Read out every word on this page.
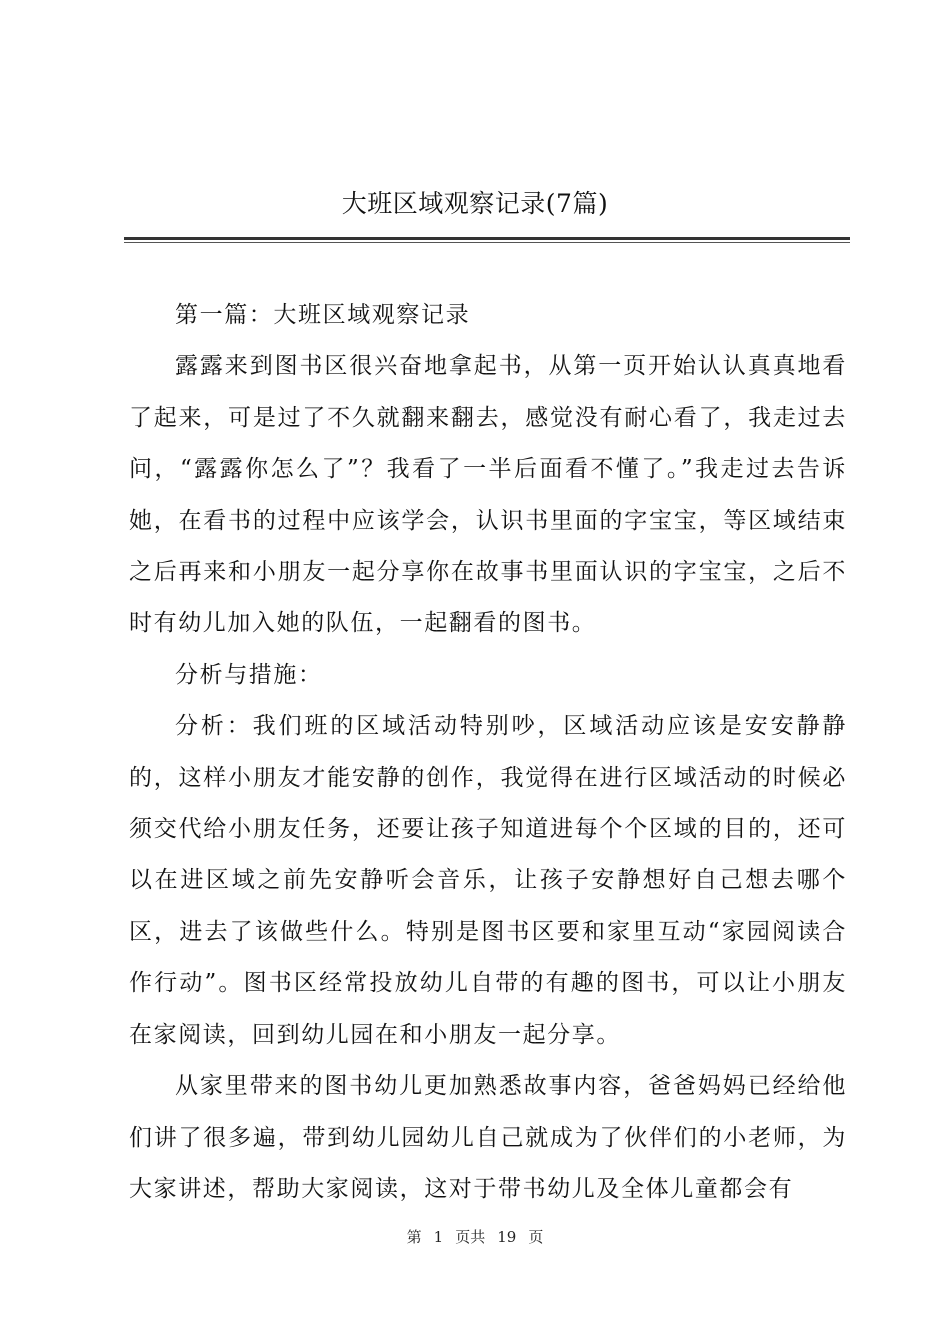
大班区域观察记录(7篇)

第一篇：大班区域观察记录

露露来到图书区很兴奋地拿起书，从第一页开始认认真真地看了起来，可是过了不久就翻来翻去，感觉没有耐心看了，我走过去问，“露露你怎么了”？我看了一半后面看不懂了。”我走过去告诉她，在看书的过程中应该学会，认识书里面的字宝宝，等区域结束之后再来和小朋友一起分享你在故事书里面认识的字宝宝，之后不时有幼儿加入她的队伍，一起翻看的图书。

分析与措施：

分析：我们班的区域活动特别吵，区域活动应该是安安静静的，这样小朋友才能安静的创作，我觉得在进行区域活动的时候必须交代给小朋友任务，还要让孩子知道进每个个区域的目的，还可以在进区域之前先安静听会音乐，让孩子安静想好自己想去哪个区，进去了该做些什么。特别是图书区要和家里互动“家园阅读合作行动”。图书区经常投放幼儿自带的有趣的图书，可以让小朋友在家阅读，回到幼儿园在和小朋友一起分享。

从家里带来的图书幼儿更加熟悉故事内容，爸爸妈妈已经给他们讲了很多遍，带到幼儿园幼儿自己就成为了伙伴们的小老师，为大家讲述，帮助大家阅读，这对于带书幼儿及全体儿童都会有

第 1 页共 19 页
